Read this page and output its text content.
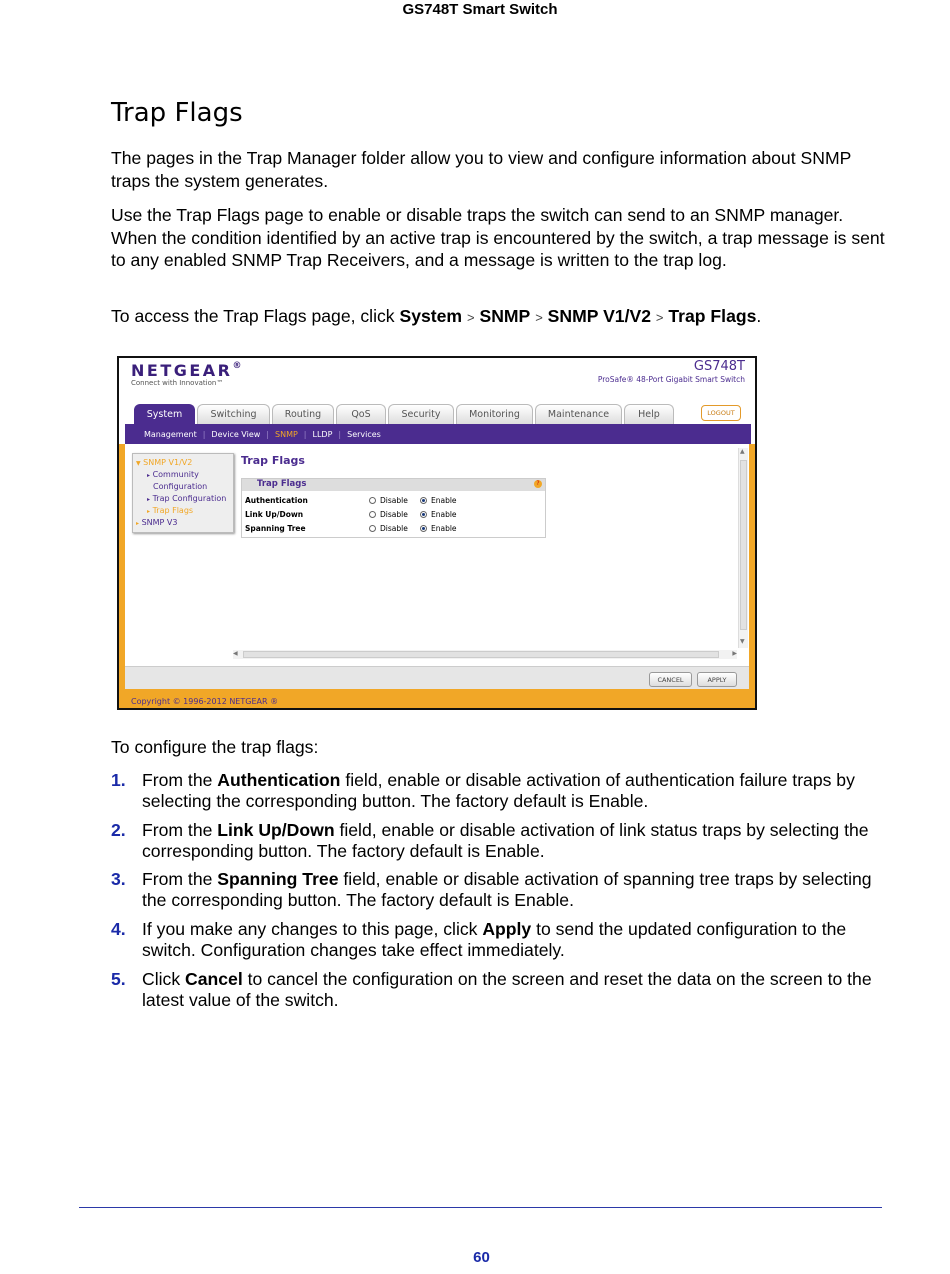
GS748T Smart Switch
Trap Flags

The pages in the Trap Manager folder allow you to view and configure information about SNMP traps the system generates.

Use the Trap Flags page to enable or disable traps the switch can send to an SNMP manager. When the condition identified by an active trap is encountered by the switch, a trap message is sent to any enabled SNMP Trap Receivers, and a message is written to the trap log.

To access the Trap Flags page, click System > SNMP > SNMP V1/V2 > Trap Flags.

NETGEAR®
Connect with Innovation™
GS748T
ProSafe® 48-Port Gigabit Smart Switch
System	Switching	Routing	QoS	Security	Monitoring	Maintenance	Help	LOGOUT
Management | Device View | SNMP | LLDP | Services
▼ SNMP V1/V2
▸ Community
Configuration
▸ Trap Configuration
▸ Trap Flags
▸ SNMP V3
Trap Flags
Trap Flags	?
Authentication	Disable	Enable
Link Up/Down	Disable	Enable
Spanning Tree	Disable	Enable
▲
▼
◀	▶
CANCEL	APPLY
Copyright © 1996-2012 NETGEAR ®

To configure the trap flags:

1. From the Authentication field, enable or disable activation of authentication failure traps by selecting the corresponding button. The factory default is Enable.
2. From the Link Up/Down field, enable or disable activation of link status traps by selecting the corresponding button. The factory default is Enable.
3. From the Spanning Tree field, enable or disable activation of spanning tree traps by selecting the corresponding button. The factory default is Enable.
4. If you make any changes to this page, click Apply to send the updated configuration to the switch. Configuration changes take effect immediately.
5. Click Cancel to cancel the configuration on the screen and reset the data on the screen to the latest value of the switch.
60
